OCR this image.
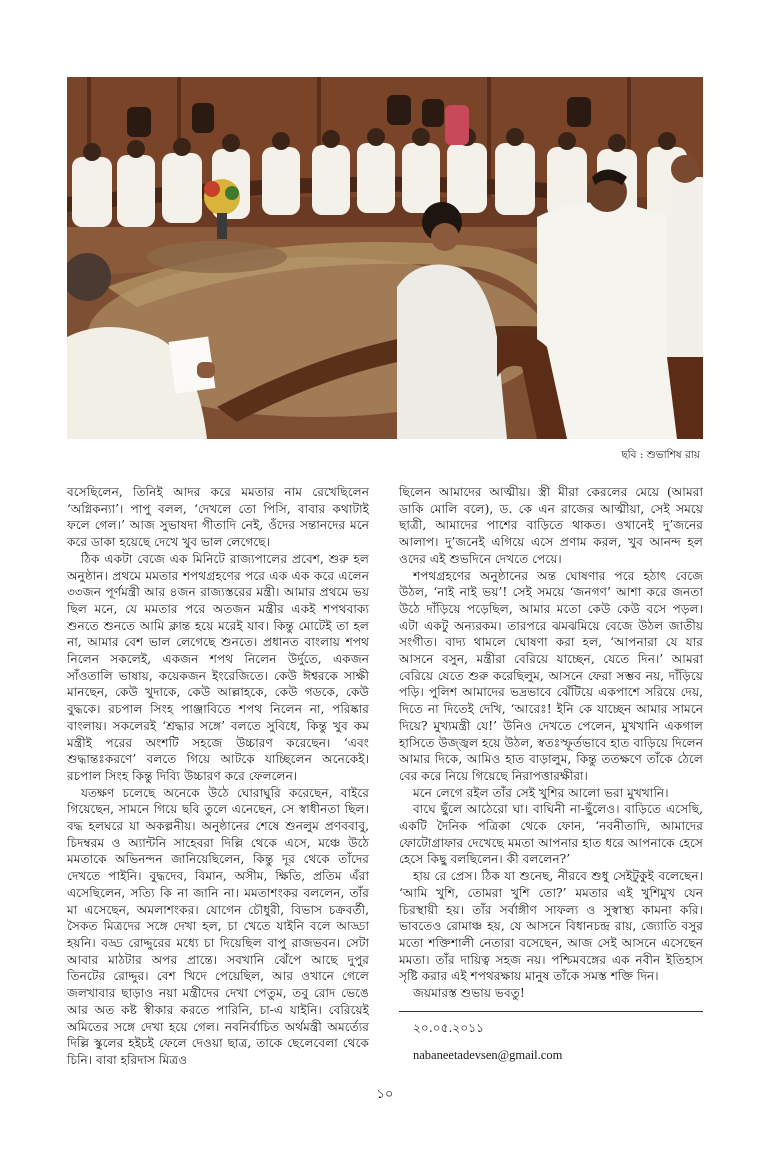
ছবি : শুভাশিষ রায়

বসেছিলেন, তিনিই আদর করে মমতার নাম রেখেছিলেন ‘অগ্নিকন্যা’। পাপু বলল, ‘দেখলে তো পিসি, বাবার কথাটাই ফলে গেল।’ আজ সুভাষদা গীতাদি নেই, ওঁদের সন্তানদের মনে করে ডাকা হয়েছে দেখে খুব ভাল লেগেছে।

ঠিক একটা বেজে এক মিনিটে রাজ্যপালের প্রবেশ, শুরু হল অনুষ্ঠান। প্রথমে মমতার শপথগ্রহণের পরে এক এক করে এলেন ৩৩জন পূর্ণমন্ত্রী আর ৪জন রাজ্যস্তরের মন্ত্রী। আমার প্রথমে ভয় ছিল মনে, যে মমতার পরে অতজন মন্ত্রীর একই শপথবাক্য শুনতে শুনতে আমি ক্লান্ত হয়ে মরেই যাব। কিন্তু মোটেই তা হল না, আমার বেশ ভাল লেগেছে শুনতে। প্রধানত বাংলায় শপথ নিলেন সকলেই, একজন শপথ নিলেন উর্দুতে, একজন সাঁওতালি ভাষায়, কয়েকজন ইংরেজিতে। কেউ ঈশ্বরকে সাক্ষী মানছেন, কেউ খুদাকে, কেউ আল্লাহকে, কেউ গডকে, কেউ বুদ্ধকে। রচপাল সিংহ পাঞ্জাবিতে শপথ নিলেন না, পরিষ্কার বাংলায়। সকলেরই ‘শ্রদ্ধার সঙ্গে’ বলতে সুবিধে, কিন্তু খুব কম মন্ত্রীই পরের অংশটি সহজে উচ্চারণ করেছেন। ‘এবং শুদ্ধান্তঃকরণে’ বলতে গিয়ে আটকে যাচ্ছিলেন অনেকেই। রচপাল সিংহ কিন্তু দিব্যি উচ্চারণ করে ফেললেন।

যতক্ষণ চলেছে অনেকে উঠে ঘোরাঘুরি করেছেন, বাইরে গিয়েছেন, সামনে গিয়ে ছবি তুলে এনেছেন, সে স্বাধীনতা ছিল। বদ্ধ হলঘরে যা অকল্পনীয়। অনুষ্ঠানের শেষে শুনলুম প্রণববাবু, চিদম্বরম ও অ্যান্টনি সাহেবরা দিল্লি থেকে এসে, মঞ্চে উঠে মমতাকে অভিনন্দন জানিয়েছিলেন, কিন্তু দূর থেকে তাঁদের দেখতে পাইনি। বুদ্ধদেব, বিমান, অসীম, ক্ষিতি, প্রতিম এঁরা এসেছিলেন, সত্যি কি না জানি না। মমতাশংকর বললেন, তাঁর মা এসেছেন, অমলাশংকর। যোগেন চৌধুরী, বিভাস চক্রবর্তী, সৈকত মিত্রদের সঙ্গে দেখা হল, চা খেতে যাইনি বলে আড্ডা হয়নি। বড্ড রোদ্দুরের মধ্যে চা দিয়েছিল বাপু রাজভবন। সেটা আবার মাঠটার অপর প্রান্তে। সবখানি ঝেঁপে আছে দুপুর তিনটের রোদ্দুর। বেশ খিদে পেয়েছিল, আর ওখানে গেলে জলখাবার ছাড়াও নয়া মন্ত্রীদের দেখা পেতুম, তবু রোদ ভেঙে আর অত কষ্ট স্বীকার করতে পারিনি, চা-এ যাইনি। বেরিয়েই অমিতের সঙ্গে দেখা হয়ে গেল। নবনির্বাচিত অর্থমন্ত্রী অমর্ত্যের দিল্লি স্কুলের হইচই ফেলে দেওয়া ছাত্র, তাকে ছেলেবেলা থেকে চিনি। বাবা হরিদাস মিত্রও

ছিলেন আমাদের আত্মীয়। স্ত্রী মীরা কেরলের মেয়ে (আমরা ডাকি মোলি বলে), ড. কে এন রাজের আত্মীয়া, সেই সময়ে ছাত্রী, আমাদের পাশের বাড়িতে থাকত। ওখানেই দু’জনের আলাপ। দু’জনেই এগিয়ে এসে প্রণাম করল, খুব আনন্দ হল ওদের এই শুভদিনে দেখতে পেয়ে।

শপথগ্রহণের অনুষ্ঠানের অন্ত ঘোষণার পরে হঠাৎ বেজে উঠল, ‘নাই নাই ভয়’! সেই সময়ে ‘জনগণ’ আশা করে জনতা উঠে দাঁড়িয়ে পড়েছিল, আমার মতো কেউ কেউ বসে পড়ল। এটা একটু অন্যরকম। তারপরে ঝমঝমিয়ে বেজে উঠল জাতীয় সংগীত। বাদ্য থামলে ঘোষণা করা হল, ‘আপনারা যে যার আসনে বসুন, মন্ত্রীরা বেরিয়ে যাচ্ছেন, যেতে দিন।’ আমরা বেরিয়ে যেতে শুরু করেছিলুম, আসনে ফেরা সম্ভব নয়, দাঁড়িয়ে পড়ি। পুলিশ আমাদের ভদ্রভাবে ঝেঁটিয়ে একপাশে সরিয়ে দেয়, দিতে না দিতেই দেখি, ‘আরেঃ! ইনি কে যাচ্ছেন আমার সামনে দিয়ে? মুখ্যমন্ত্রী যে!’ উনিও দেখতে পেলেন, মুখখানি একগাল হাসিতে উজ্জ্বল হয়ে উঠল, স্বতঃস্ফূর্তভাবে হাত বাড়িয়ে দিলেন আমার দিকে, আমিও হাত বাড়ালুম, কিন্তু ততক্ষণে তাঁকে ঠেলে বের করে নিয়ে গিয়েছে নিরাপত্তারক্ষীরা।

মনে লেগে রইল তাঁর সেই খুশির আলো ভরা মুখখানি।

বাঘে ছুঁলে আঠেরো ঘা। বাঘিনী না-ছুঁলেও। বাড়িতে এসেছি, একটি দৈনিক পত্রিকা থেকে ফোন, ‘নবনীতাদি, আমাদের ফোটোগ্রাফার দেখেছে মমতা আপনার হাত ধরে আপনাকে হেসে হেসে কিছু বলছিলেন। কী বললেন?’

হায় রে প্রেস। ঠিক যা শুনেছ, নীরবে শুধু সেইটুকুই বলেছেন। ‘আমি খুশি, তোমরা খুশি তো?’ মমতার এই খুশিমুখ যেন চিরস্থায়ী হয়। তাঁর সর্বাঙ্গীণ সাফল্য ও সুস্বাস্থ্য কামনা করি। ভাবতেও রোমাঞ্চ হয়, যে আসনে বিধানচন্দ্র রায়, জ্যোতি বসুর মতো শক্তিশালী নেতারা বসেছেন, আজ সেই আসনে এসেছেন মমতা। তাঁর দায়িত্ব সহজ নয়। পশ্চিমবঙ্গের এক নবীন ইতিহাস সৃষ্টি করার এই শপথরক্ষায় মানুষ তাঁকে সমস্ত শক্তি দিন।

জয়মারস্ত শুভায় ভবতু!

২০.০৫.২০১১
nabaneetadevsen@gmail.com
১০
